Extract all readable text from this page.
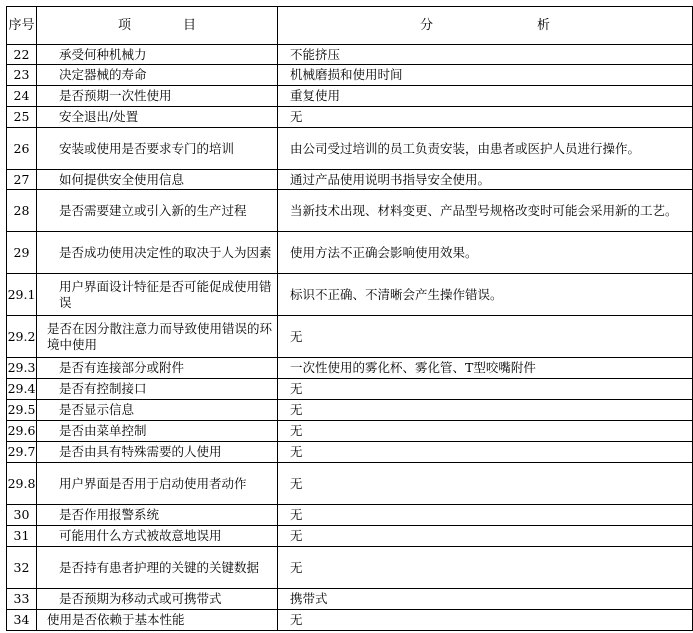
序号	项　　　　目	分　　　　　　　　析
22	承受何种机械力	不能挤压
23	决定器械的寿命	机械磨损和使用时间
24	是否预期一次性使用	重复使用
25	安全退出/处置	无
26	安装或使用是否要求专门的培训	由公司受过培训的员工负责安装，由患者或医护人员进行操作。
27	如何提供安全使用信息	通过产品使用说明书指导安全使用。
28	是否需要建立或引入新的生产过程	当新技术出现、材料变更、产品型号规格改变时可能会采用新的工艺。
29	是否成功使用决定性的取决于人为因素	使用方法不正确会影响使用效果。
29.1	用户界面设计特征是否可能促成使用错误	标识不正确、不清晰会产生操作错误。
29.2	是否在因分散注意力而导致使用错误的环境中使用	无
29.3	是否有连接部分或附件	一次性使用的雾化杯、雾化管、T型咬嘴附件
29.4	是否有控制接口	无
29.5	是否显示信息	无
29.6	是否由菜单控制	无
29.7	是否由具有特殊需要的人使用	无
29.8	用户界面是否用于启动使用者动作	无
30	是否作用报警系统	无
31	可能用什么方式被故意地误用	无
32	是否持有患者护理的关键的关键数据	无
33	是否预期为移动式或可携带式	携带式
34	使用是否依赖于基本性能	无
